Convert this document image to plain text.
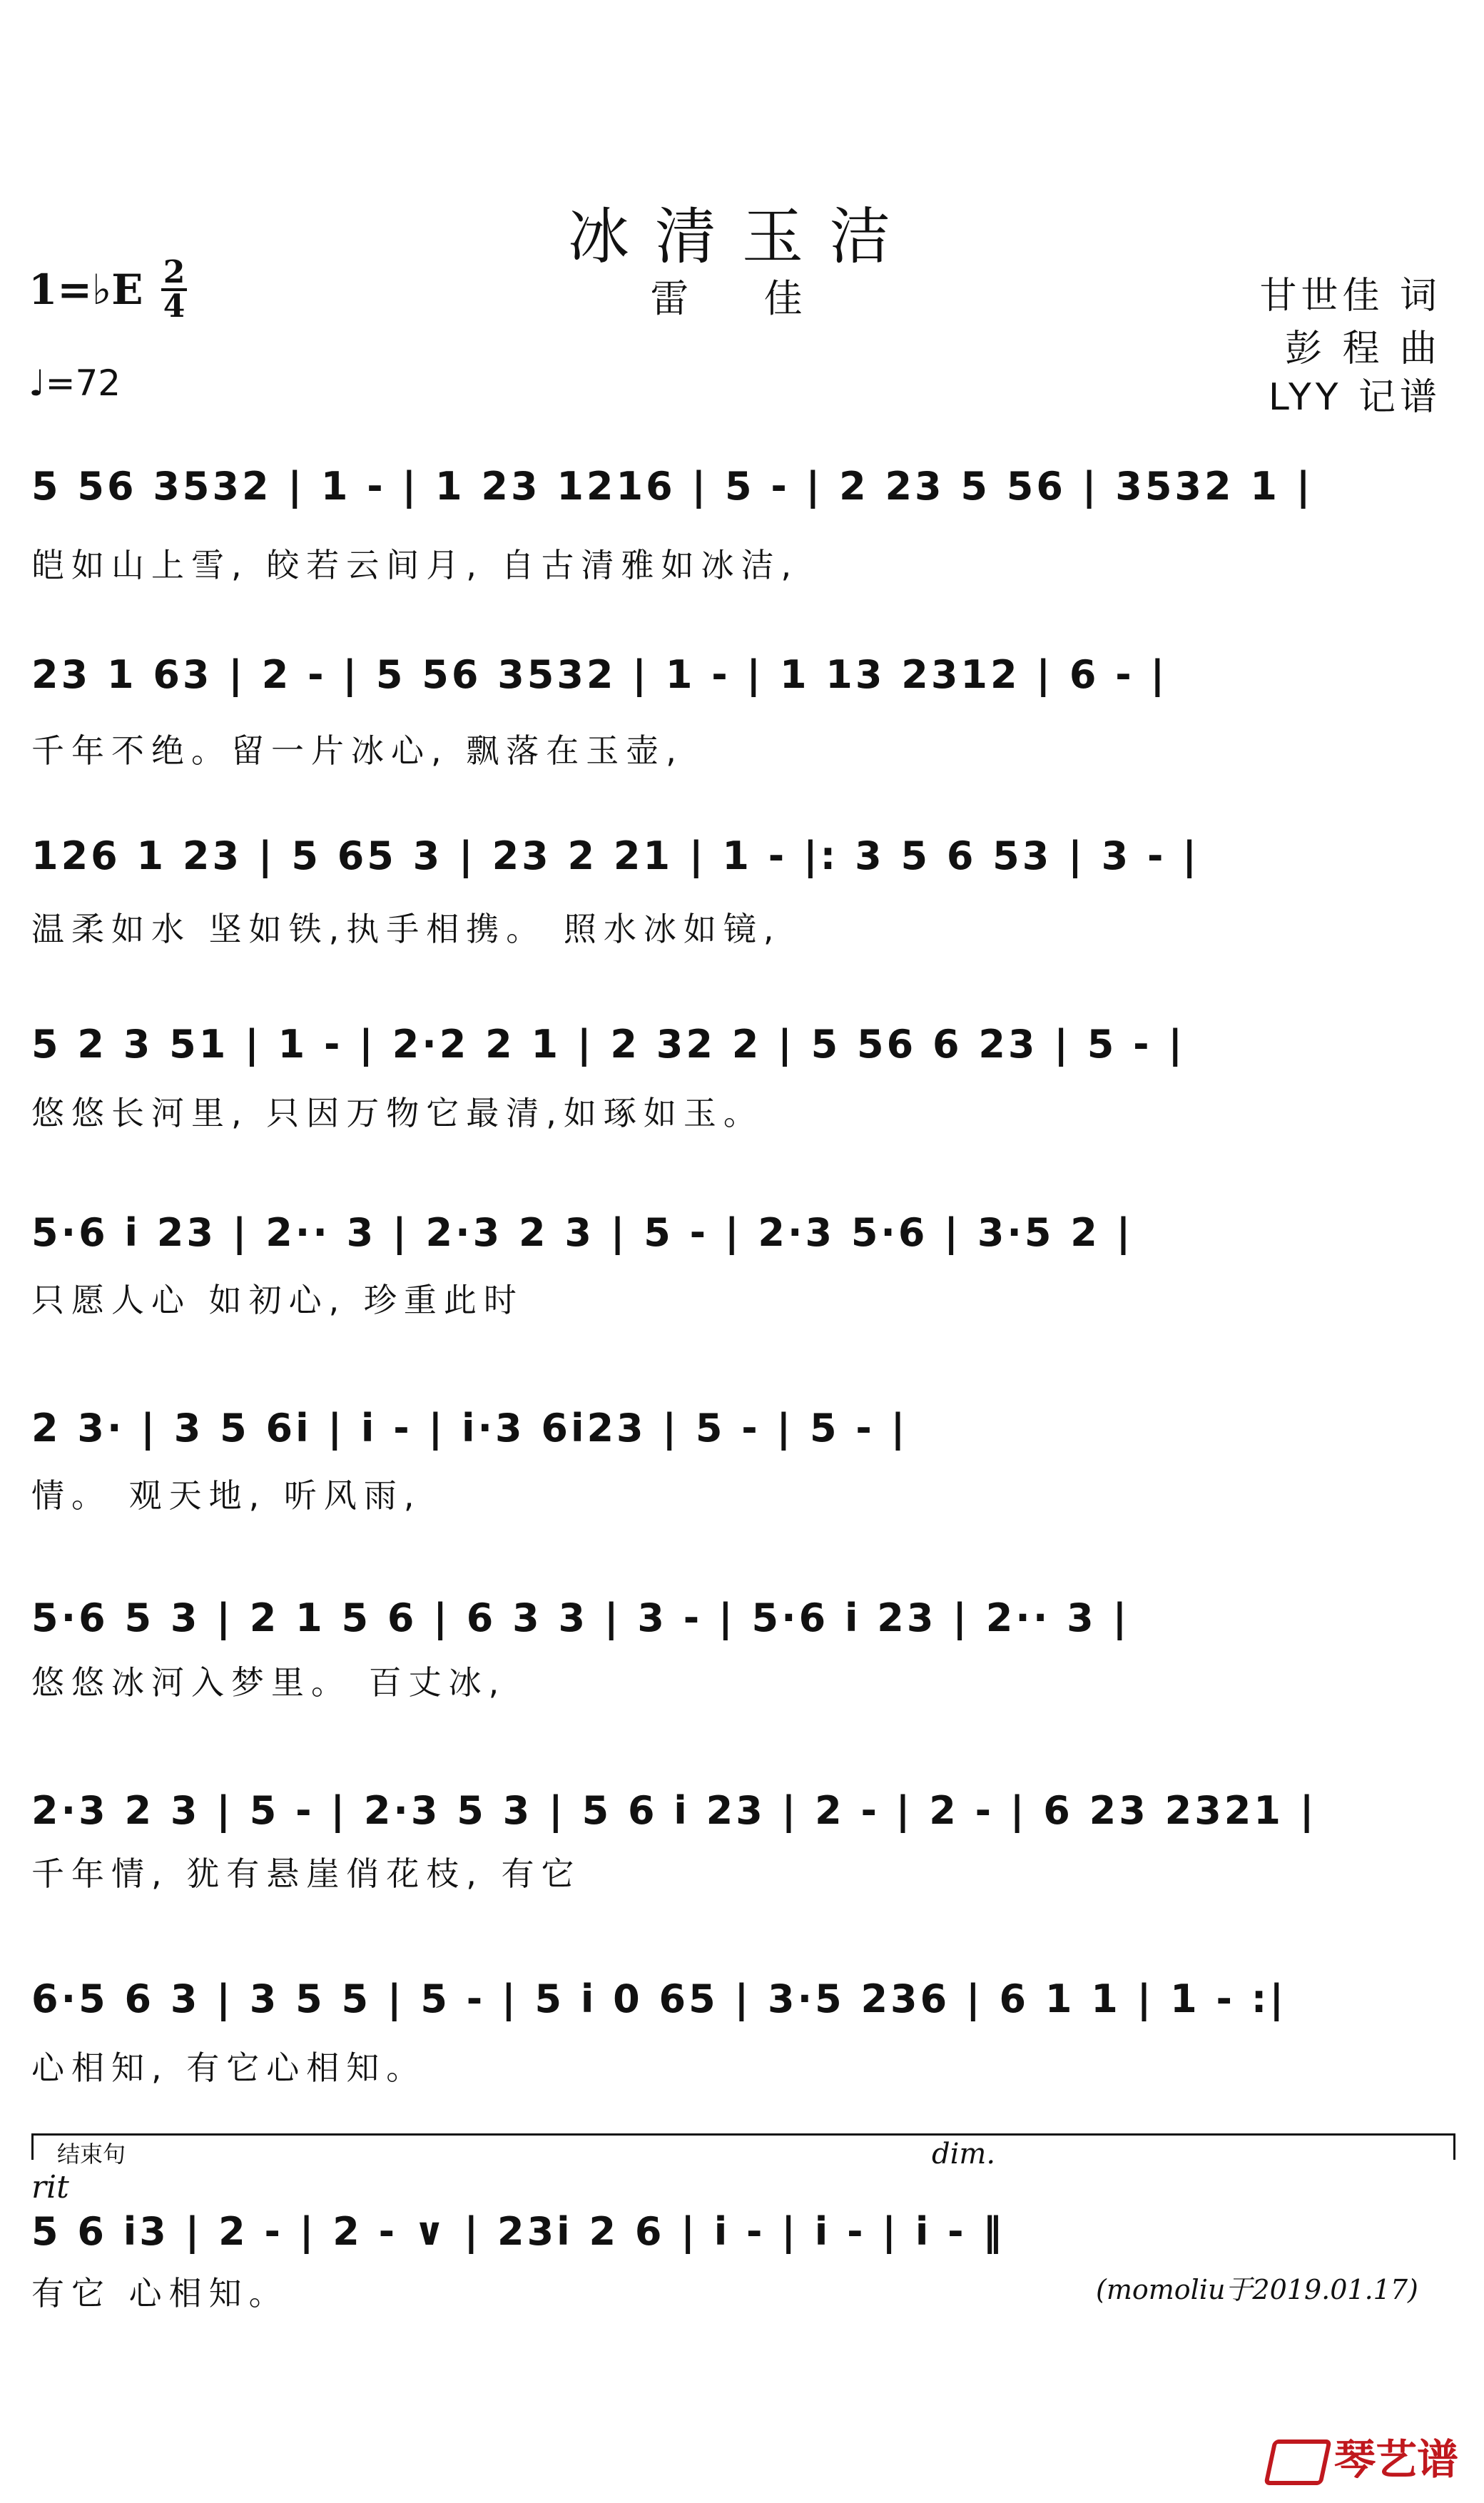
冰清玉洁
雷 佳
1=♭E 2
4
♩=72
甘世佳 词
彭 程 曲
LYY 记谱
5 56 3532 | 1 - | 1 23 1216 | 5 - | 2 23 5 56 | 3532 1 |
皑如山上雪, 皎若云间月, 自古清雅如冰洁,
23 1 63 | 2 - | 5 56 3532 | 1 - | 1 13 2312 | 6 - |
千年不绝。留一片冰心, 飘落在玉壶,
126 1 23 | 5 65 3 | 23 2 21 | 1 - |: 3 5 6 53 | 3 - |
温柔如水 坚如铁,执手相携。 照水冰如镜,
5 2 3 51 | 1 - | 2·2 2 1 | 2 32 2 | 5 56 6 23 | 5 - |
悠悠长河里, 只因万物它最清,如琢如玉。
5·6 i 23 | 2·· 3 | 2·3 2 3 | 5 - | 2·3 5·6 | 3·5 2 |
只愿人心 如初心, 珍重此时
2 3· | 3 5 6i | i - | i·3 6i23 | 5 - | 5 - |
情。 观天地, 听风雨,
5·6 5 3 | 2 1 5 6 | 6 3 3 | 3 - | 5·6 i 23 | 2·· 3 |
悠悠冰河入梦里。 百丈冰,
2·3 2 3 | 5 - | 2·3 5 3 | 5 6 i 23 | 2 - | 2 - | 6 23 2321 |
千年情, 犹有悬崖俏花枝, 有它
6·5 6 3 | 3 5 5 | 5 - | 5 i 0 65 | 3·5 236 | 6 1 1 | 1 - :|
心相知, 有它心相知。
结束句	dim.
rit
5 6 i3 | 2 - | 2 - ∨ | 23i 2 6 | i - | i - | i - ‖
有它 心相知。	(momoliu于2019.01.17)
琴艺谱
